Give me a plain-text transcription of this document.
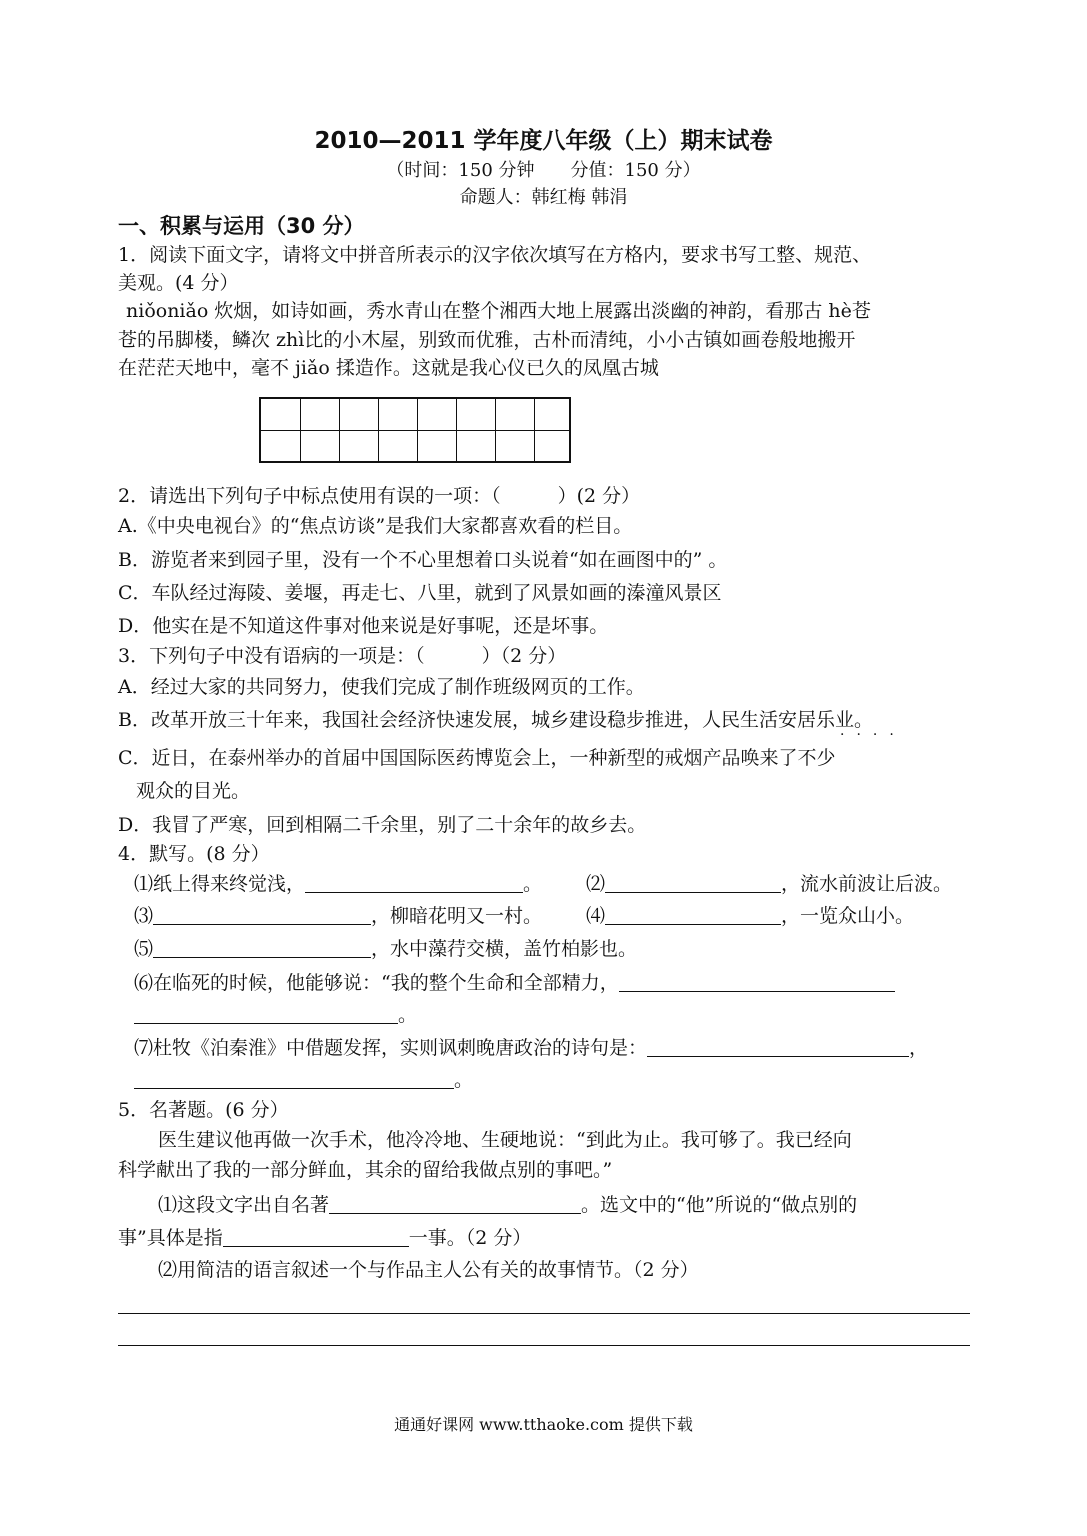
2010—2011 学年度八年级（上）期末试卷
（时间：150 分钟　　分值：150 分）
命题人：韩红梅 韩涓
一、积累与运用（30 分）
1．阅读下面文字，请将文中拼音所表示的汉字依次填写在方格内，要求书写工整、规范、
美观。(4 分）
niǒoniǎo 炊烟，如诗如画，秀水青山在整个湘西大地上展露出淡幽的神韵，看那古 hè苍
苍的吊脚楼，鳞次 zhì比的小木屋，别致而优雅，古朴而清纯，小小古镇如画卷般地搬开
在茫茫天地中，毫不 jiǎo 揉造作。这就是我心仪已久的凤凰古城
2．请选出下列句子中标点使用有误的一项：（　　　）(2 分）
A.《中央电视台》的“焦点访谈”是我们大家都喜欢看的栏目。
B．游览者来到园子里，没有一个不心里想着口头说着“如在画图中的” 。
C．车队经过海陵、姜堰，再走七、八里，就到了风景如画的溱潼风景区
D．他实在是不知道这件事对他来说是好事呢，还是坏事。
3．下列句子中没有语病的一项是：（　　　）（2 分）
A．经过大家的共同努力，使我们完成了制作班级网页的工作。
B．改革开放三十年来，我国社会经济快速发展，城乡建设稳步推进，人民生活安居乐业。
····
C．近日，在泰州举办的首届中国国际医药博览会上，一种新型的戒烟产品唤来了不少
观众的目光。
D．我冒了严寒，回到相隔二千余里，别了二十余年的故乡去。
4．默写。(8 分）
⑴纸上得来终觉浅，	。 ⑵	，流水前波让后波。
⑶	，柳暗花明又一村。 ⑷	，一览众山小。
⑸	，水中藻荇交横，盖竹柏影也。
⑹在临死的时候，他能够说：“我的整个生命和全部精力，
。
⑺杜牧《泊秦淮》中借题发挥，实则讽刺晚唐政治的诗句是：	，
。
5．名著题。(6 分）
医生建议他再做一次手术，他冷冷地、生硬地说：“到此为止。我可够了。我已经向
科学献出了我的一部分鲜血，其余的留给我做点别的事吧。”
⑴这段文字出自名著	。选文中的“他”所说的“做点别的
事”具体是指	一事。（2 分）
⑵用简洁的语言叙述一个与作品主人公有关的故事情节。（2 分）
通通好课网 www.tthaoke.com 提供下载
